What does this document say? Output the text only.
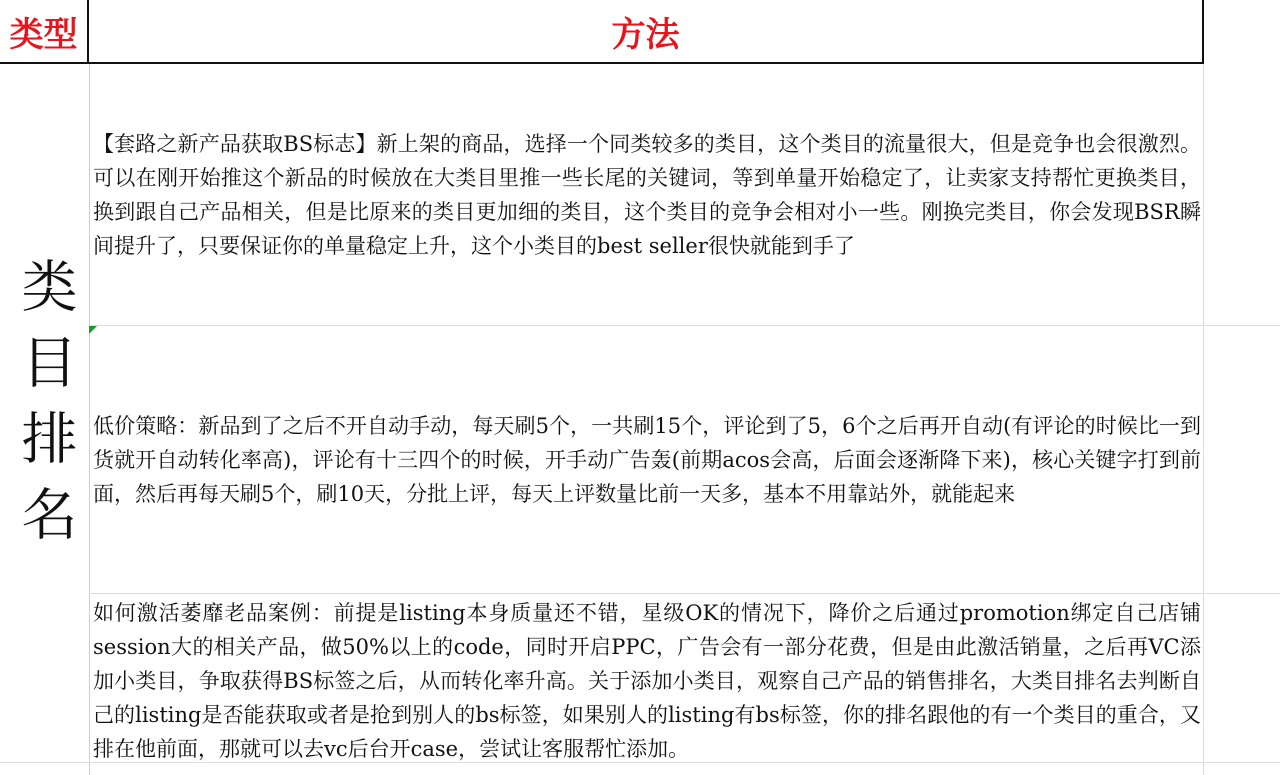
类型	方法
类目排名
【套路之新产品获取BS标志】新上架的商品，选择一个同类较多的类目，这个类目的流量很大，但是竞争也会很激烈。可以在刚开始推这个新品的时候放在大类目里推一些长尾的关键词，等到单量开始稳定了，让卖家支持帮忙更换类目，换到跟自己产品相关，但是比原来的类目更加细的类目，这个类目的竞争会相对小一些。刚换完类目，你会发现BSR瞬间提升了，只要保证你的单量稳定上升，这个小类目的best seller很快就能到手了
低价策略：新品到了之后不开自动手动，每天刷5个，一共刷15个，评论到了5，6个之后再开自动(有评论的时候比一到货就开自动转化率高)，评论有十三四个的时候，开手动广告轰(前期acos会高，后面会逐渐降下来)，核心关键字打到前面，然后再每天刷5个，刷10天，分批上评，每天上评数量比前一天多，基本不用靠站外，就能起来
如何激活萎靡老品案例：前提是listing本身质量还不错，星级OK的情况下，降价之后通过promotion绑定自己店铺session大的相关产品，做50%以上的code，同时开启PPC，广告会有一部分花费，但是由此激活销量，之后再VC添加小类目，争取获得BS标签之后，从而转化率升高。关于添加小类目，观察自己产品的销售排名，大类目排名去判断自己的listing是否能获取或者是抢到别人的bs标签，如果别人的listing有bs标签，你的排名跟他的有一个类目的重合，又排在他前面，那就可以去vc后台开case，尝试让客服帮忙添加。
